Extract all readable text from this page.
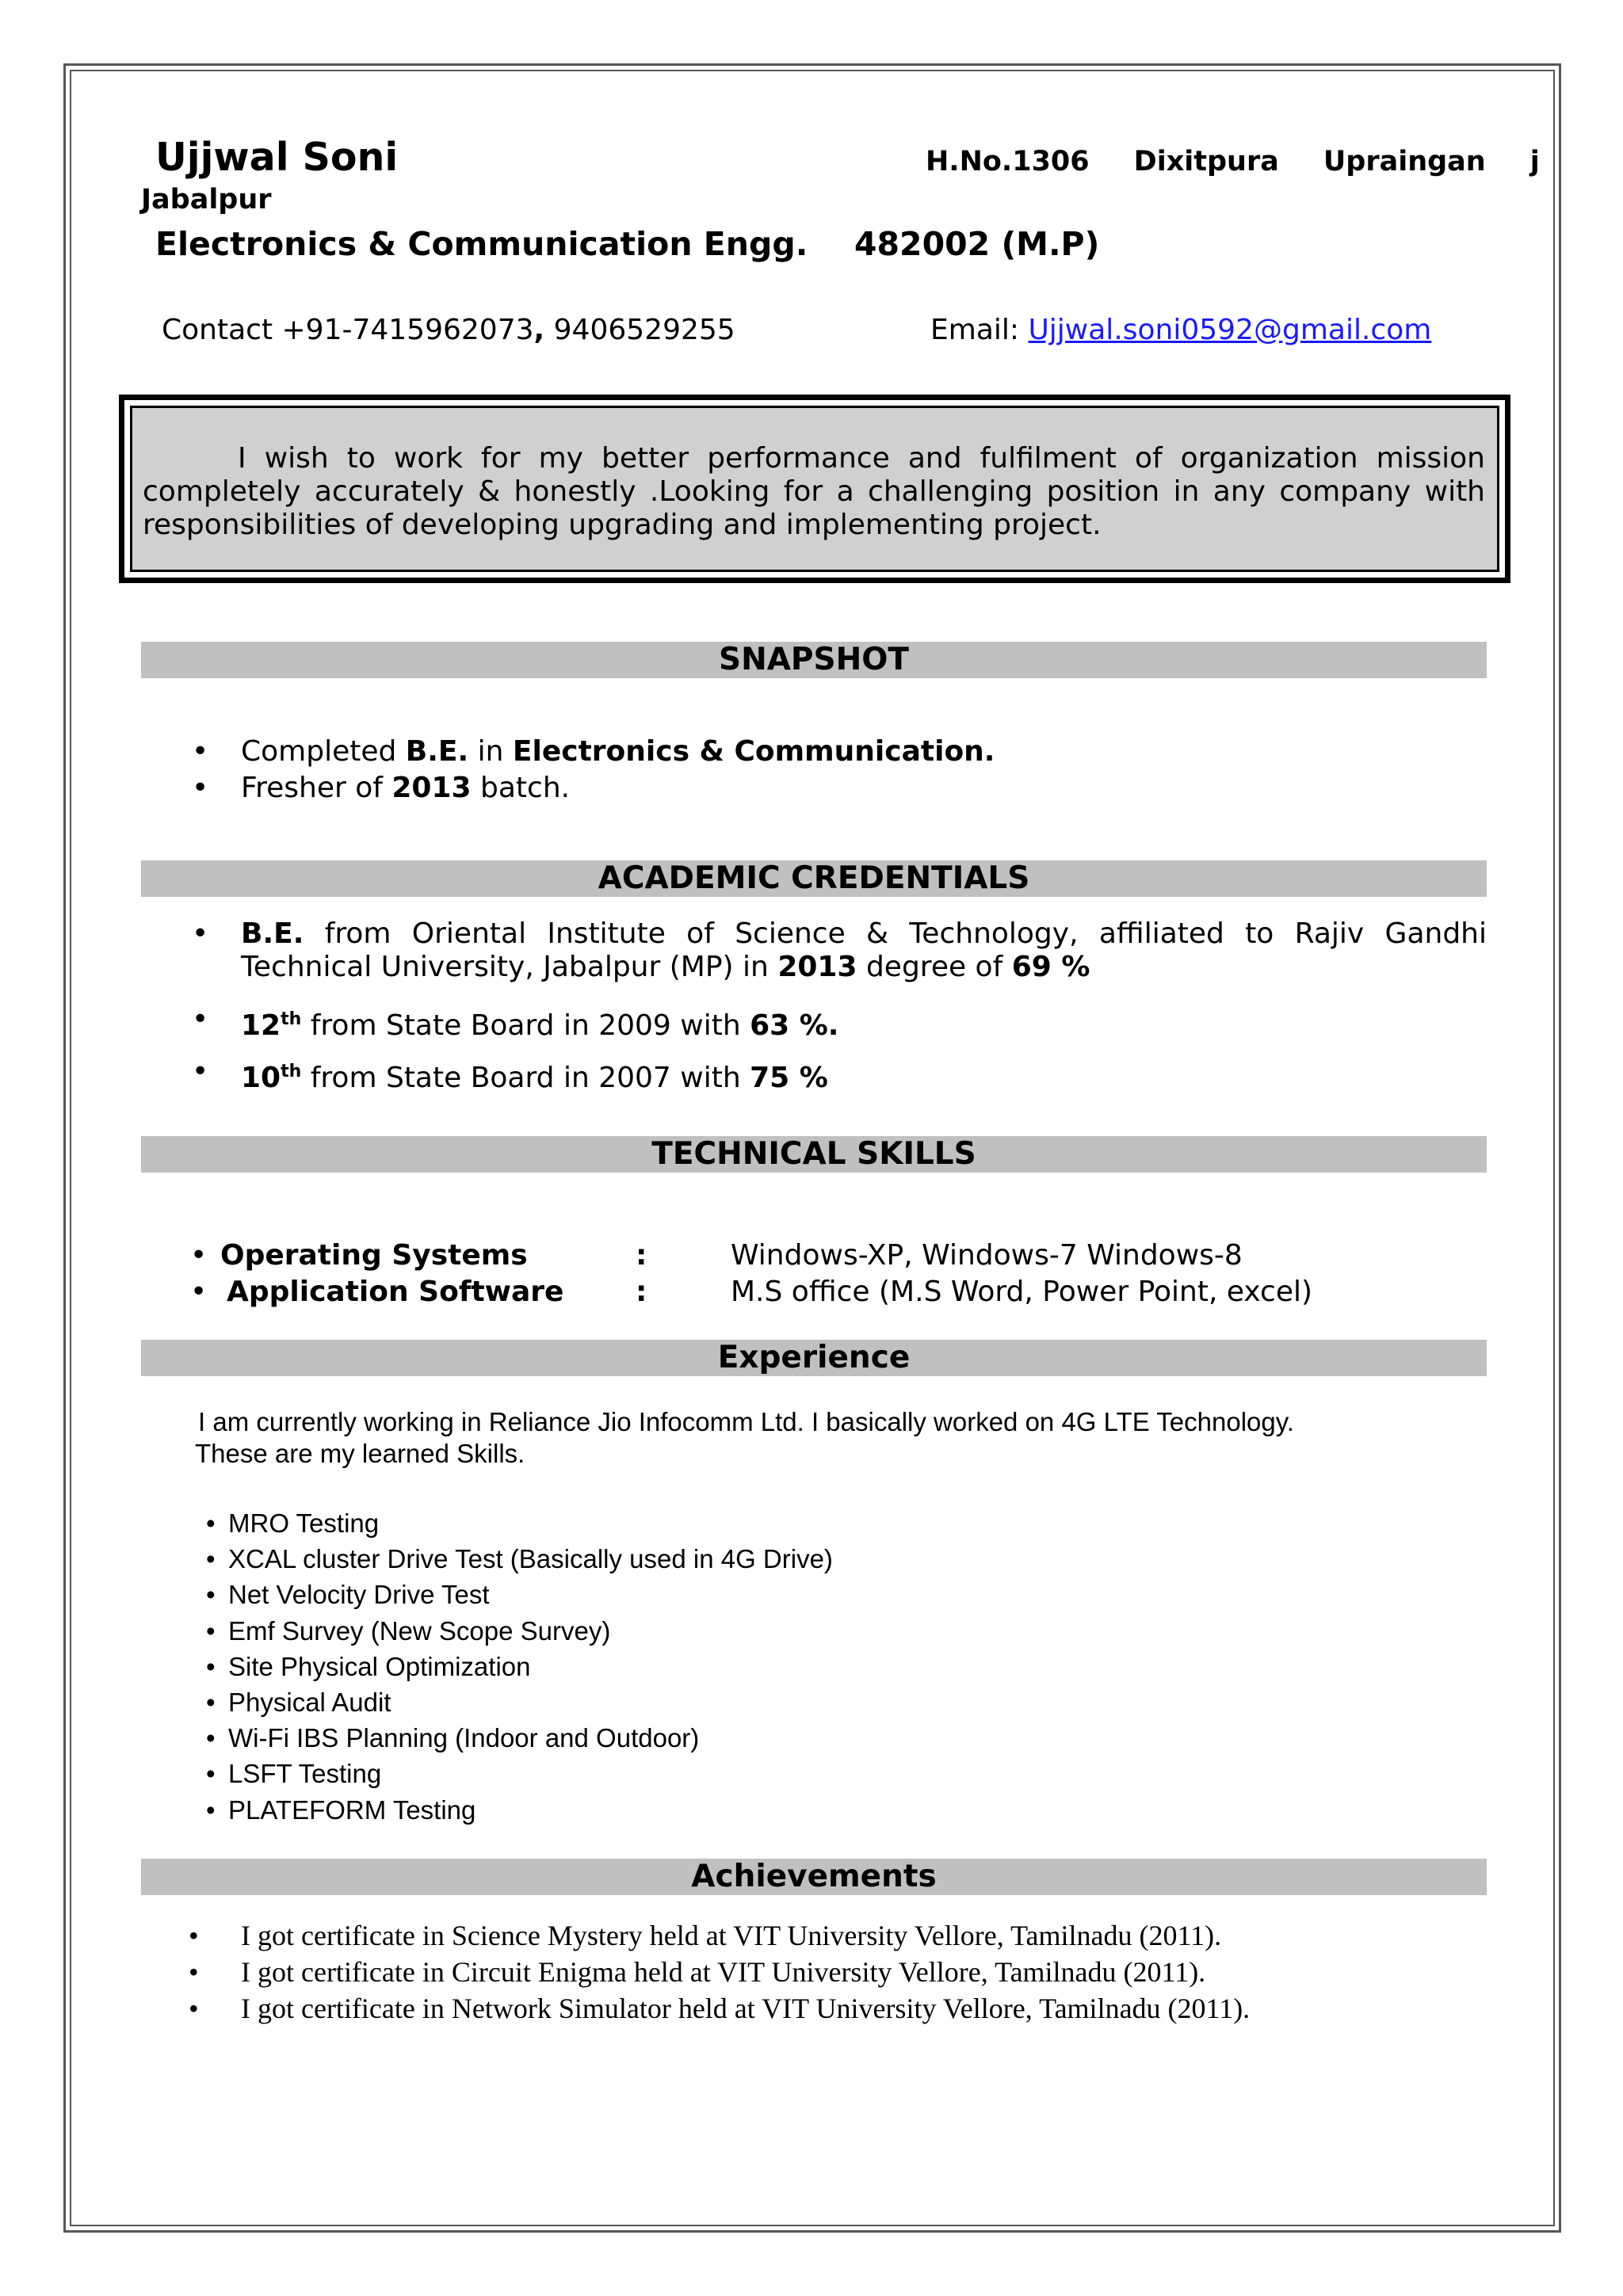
Ujjwal Soni	H.No.1306 Dixitpura Upraingan j
Jabalpur
Electronics & Communication Engg. 482002 (M.P)
Contact +91-7415962073, 9406529255	Email: Ujjwal.soni0592@gmail.com
I wish to work for my better performance and fulfilment of organization mission completely accurately & honestly .Looking for a challenging position in any company with responsibilities of developing upgrading and implementing project.
SNAPSHOT
• Completed B.E. in Electronics & Communication.
• Fresher of 2013 batch.
ACADEMIC CREDENTIALS
• B.E. from Oriental Institute of Science & Technology, affiliated to Rajiv Gandhi Technical University, Jabalpur (MP) in 2013 degree of 69 %
• 12th from State Board in 2009 with 63 %.
• 10th from State Board in 2007 with 75 %
TECHNICAL SKILLS
• Operating Systems	:	Windows-XP, Windows-7 Windows-8
• Application Software	:	M.S office (M.S Word, Power Point, excel)
Experience
I am currently working in Reliance Jio Infocomm Ltd. I basically worked on 4G LTE Technology.
These are my learned Skills.
• MRO Testing
• XCAL cluster Drive Test (Basically used in 4G Drive)
• Net Velocity Drive Test
• Emf Survey (New Scope Survey)
• Site Physical Optimization
• Physical Audit
• Wi-Fi IBS Planning (Indoor and Outdoor)
• LSFT Testing
• PLATEFORM Testing
Achievements
• I got certificate in Science Mystery held at VIT University Vellore, Tamilnadu (2011).
• I got certificate in Circuit Enigma held at VIT University Vellore, Tamilnadu (2011).
• I got certificate in Network Simulator held at VIT University Vellore, Tamilnadu (2011).
